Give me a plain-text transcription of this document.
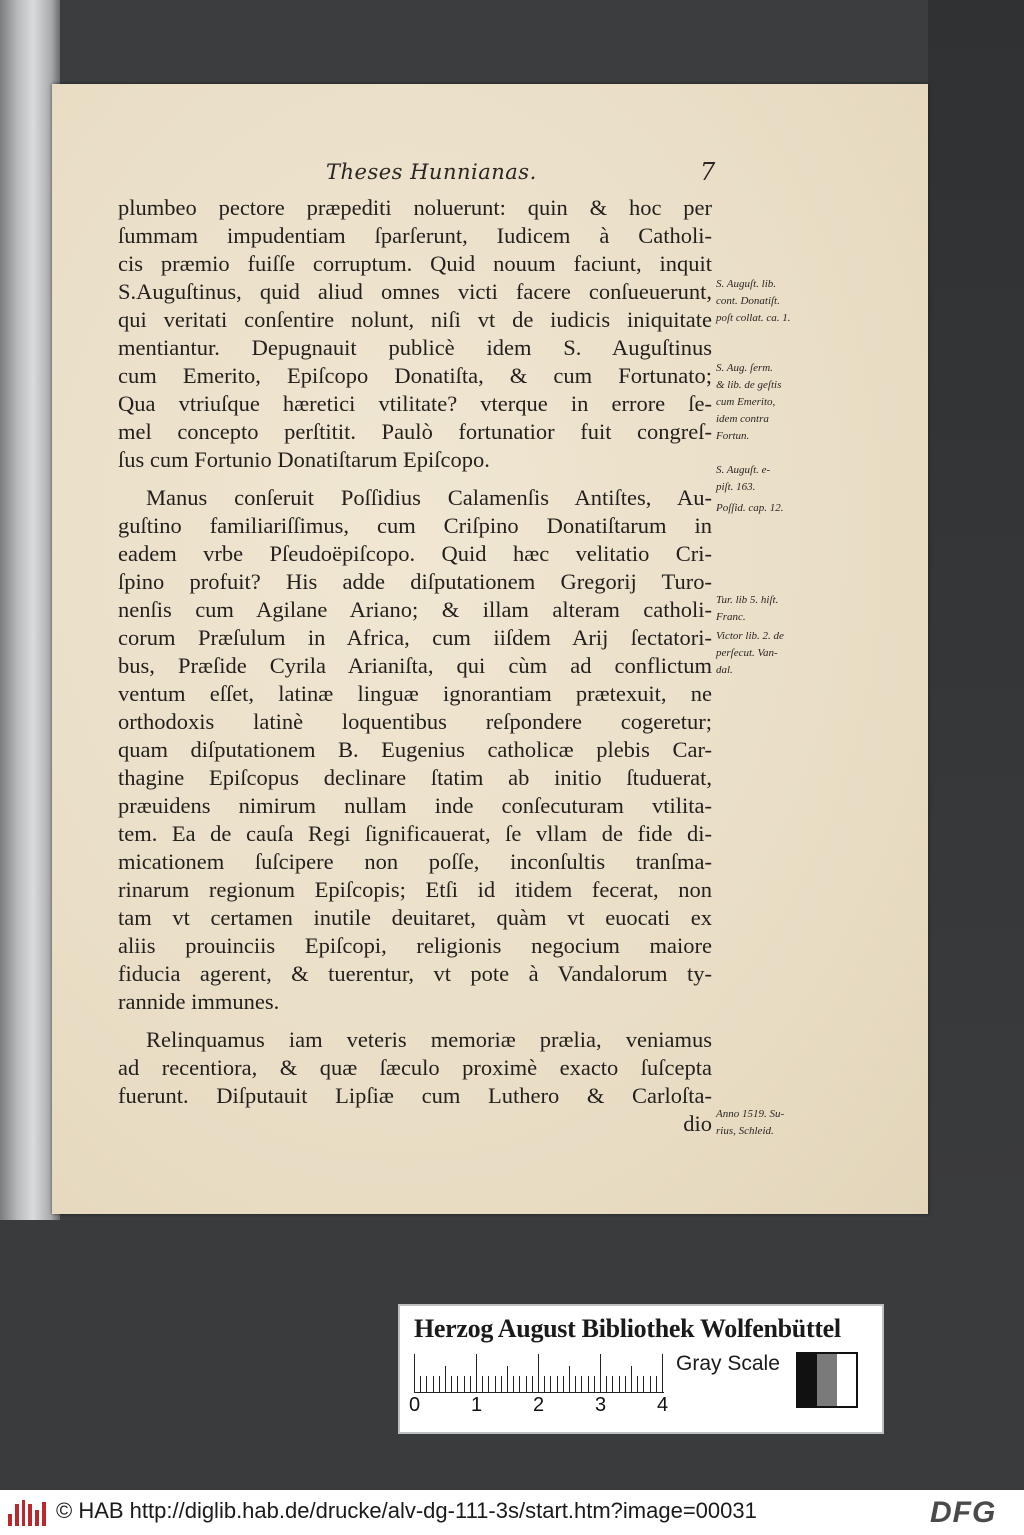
Theses Hunnianas.	7
plumbeo pectore præpediti noluerunt: quin & hoc per
ſummam impudentiam ſparſerunt, Iudicem à Catholi-
cis præmio fuiſſe corruptum. Quid nouum faciunt, inquit
S.Auguſtinus, quid aliud omnes victi facere conſueuerunt,
qui veritati conſentire nolunt, niſi vt de iudicis iniquitate
mentiantur. Depugnauit publicè idem S. Auguſtinus
cum Emerito, Epiſcopo Donatiſta, & cum Fortunato;
Qua vtriuſque hæretici vtilitate? vterque in errore ſe-
mel concepto perſtitit. Paulò fortunatior fuit congreſ-
ſus cum Fortunio Donatiſtarum Epiſcopo.
Manus conſeruit Poſſidius Calamenſis Antiſtes, Au-
guſtino familiariſſimus, cum Criſpino Donatiſtarum in
eadem vrbe Pſeudoëpiſcopo. Quid hæc velitatio Cri-
ſpino profuit? His adde diſputationem Gregorij Turo-
nenſis cum Agilane Ariano; & illam alteram catholi-
corum Præſulum in Africa, cum iiſdem Arij ſectatori-
bus, Præſide Cyrila Arianiſta, qui cùm ad conflictum
ventum eſſet, latinæ linguæ ignorantiam prætexuit, ne
orthodoxis latinè loquentibus reſpondere cogeretur;
quam diſputationem B. Eugenius catholicæ plebis Car-
thagine Epiſcopus declinare ſtatim ab initio ſtuduerat,
præuidens nimirum nullam inde conſecuturam vtilita-
tem. Ea de cauſa Regi ſignificauerat, ſe vllam de fide di-
micationem ſuſcipere non poſſe, inconſultis tranſma-
rinarum regionum Epiſcopis; Etſi id itidem fecerat, non
tam vt certamen inutile deuitaret, quàm vt euocati ex
aliis prouinciis Epiſcopi, religionis negocium maiore
fiducia agerent, & tuerentur, vt pote à Vandalorum ty-
rannide immunes.
Relinquamus iam veteris memoriæ prælia, veniamus
ad recentiora, & quæ ſæculo proximè exacto ſuſcepta
fuerunt. Diſputauit Lipſiæ cum Luthero & Carloſta-
dio
S. Auguſt. lib.
cont. Donatiſt.
poſt collat. ca. 1.
S. Aug. ſerm.
& lib. de geſtis
cum Emerito,
idem contra
Fortun.
S. Auguſt. e-
piſt. 163.
Poſſid. cap. 12.
Tur. lib 5. hiſt.
Franc.
Victor lib. 2. de
perſecut. Van-
dal.
Anno 1519. Su-
rius, Schleid.
Herzog August Bibliothek Wolfenbüttel
0	1	2	3	4
Gray Scale
© HAB http://diglib.hab.de/drucke/alv-dg-111-3s/start.htm?image=00031	DFG
